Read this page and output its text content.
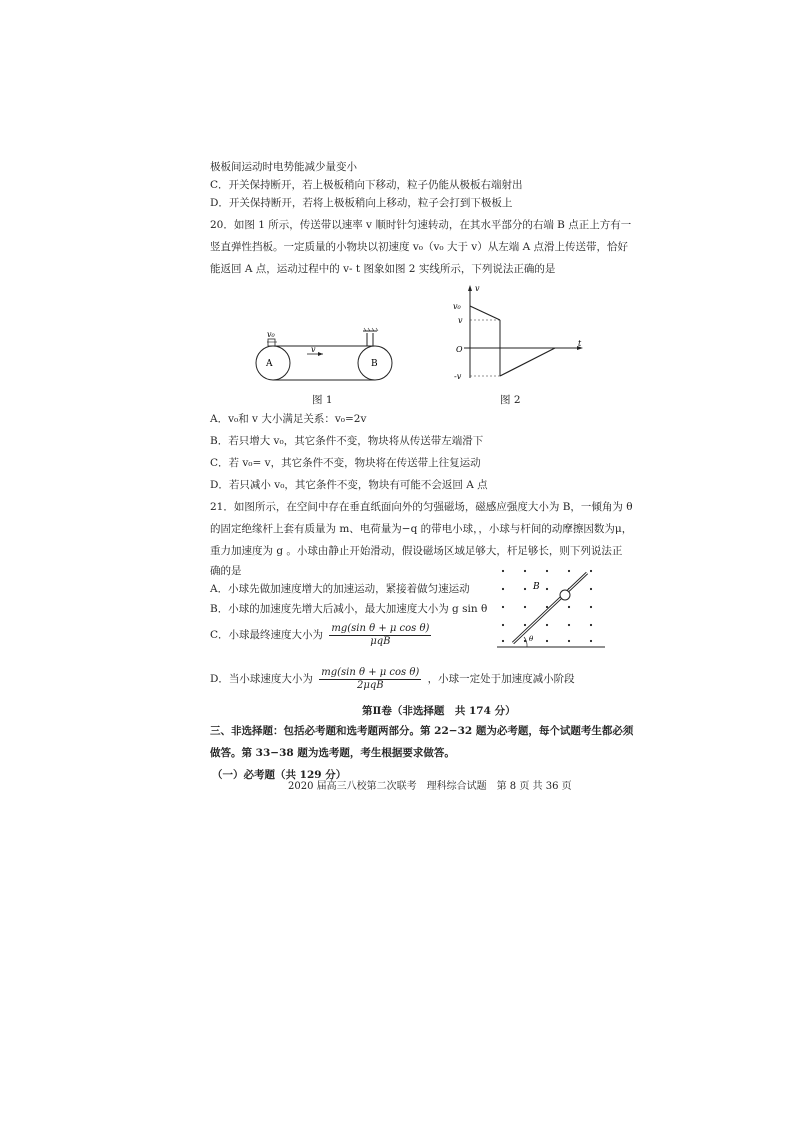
极板间运动时电势能减少量变小
C．开关保持断开，若上极板稍向下移动，粒子仍能从极板右端射出
D．开关保持断开，若将上极板稍向上移动，粒子会打到下极板上
20．如图 1 所示，传送带以速率 v 顺时针匀速转动，在其水平部分的右端 B 点正上方有一
竖直弹性挡板。一定质量的小物块以初速度 v₀（v₀ 大于 v）从左端 A 点滑上传送带，恰好
能返回 A 点，运动过程中的 v- t 图象如图 2 实线所示，下列说法正确的是
v₀
v
A	B
图 1
v
t
O
v₀
v
-v
图 2
A．v₀和 v 大小满足关系：v₀=2v
B．若只增大 v₀，其它条件不变，物块将从传送带左端滑下
C．若 v₀= v，其它条件不变，物块将在传送带上往复运动
D．若只减小 v₀，其它条件不变，物块有可能不会返回 A 点
21．如图所示，在空间中存在垂直纸面向外的匀强磁场，磁感应强度大小为 B，一倾角为 θ
的固定绝缘杆上套有质量为 m、电荷量为−q 的带电小球，，小球与杆间的动摩擦因数为μ，
重力加速度为 g 。小球由静止开始滑动，假设磁场区域足够大，杆足够长，则下列说法正
确的是
A．小球先做加速度增大的加速运动，紧接着做匀速运动
B．小球的加速度先增大后减小，最大加速度大小为 g sin θ
C．小球最终速度大小为 $\frac{\text{mg(sin θ + μ cos θ)}}{\text{μqB}}$
D．当小球速度大小为 $\frac{\text{mg(sin θ + μ cos θ)}}{\text{2μqB}}$ ，小球一定处于加速度减小阶段
B
θ
第Ⅱ卷（非选择题　共 174 分）
三、非选择题：包括必考题和选考题两部分。第 22−32 题为必考题，每个试题考生都必须
做答。第 33−38 题为选考题，考生根据要求做答。
（一）必考题（共 129 分）
2020 届高三八校第二次联考　理科综合试题　第 8 页 共 36 页
